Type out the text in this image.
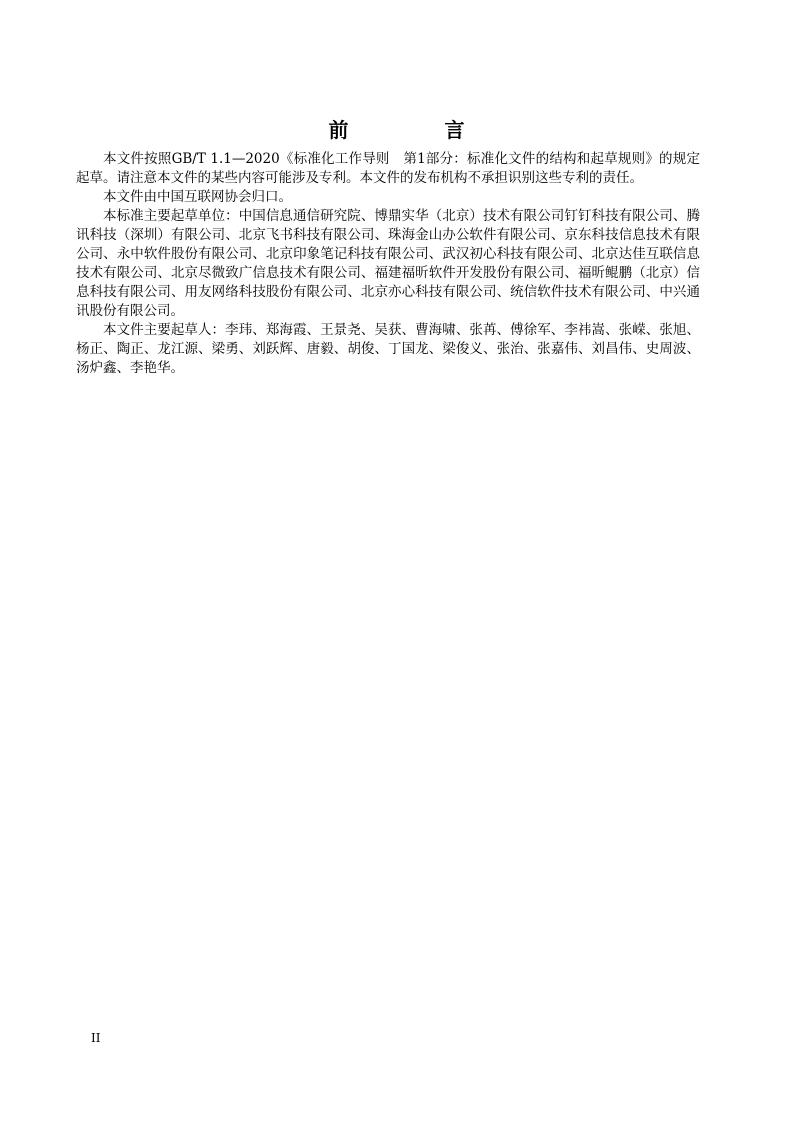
前　言

本文件按照GB/T 1.1—2020《标准化工作导则　第1部分：标准化文件的结构和起草规则》的规定起草。请注意本文件的某些内容可能涉及专利。本文件的发布机构不承担识别这些专利的责任。

本文件由中国互联网协会归口。

本标准主要起草单位：中国信息通信研究院、博鼎实华（北京）技术有限公司钉钉科技有限公司、腾讯科技（深圳）有限公司、北京飞书科技有限公司、珠海金山办公软件有限公司、京东科技信息技术有限公司、永中软件股份有限公司、北京印象笔记科技有限公司、武汉初心科技有限公司、北京达佳互联信息技术有限公司、北京尽微致广信息技术有限公司、福建福昕软件开发股份有限公司、福昕鲲鹏（北京）信息科技有限公司、用友网络科技股份有限公司、北京亦心科技有限公司、统信软件技术有限公司、中兴通讯股份有限公司。

本文件主要起草人：李玮、郑海霞、王景尧、吴获、曹海啸、张苒、傅徐军、李祎嵩、张嵘、张旭、杨正、陶正、龙江源、梁勇、刘跃辉、唐毅、胡俊、丁国龙、梁俊义、张治、张嘉伟、刘昌伟、史周波、汤炉鑫、李艳华。

II
